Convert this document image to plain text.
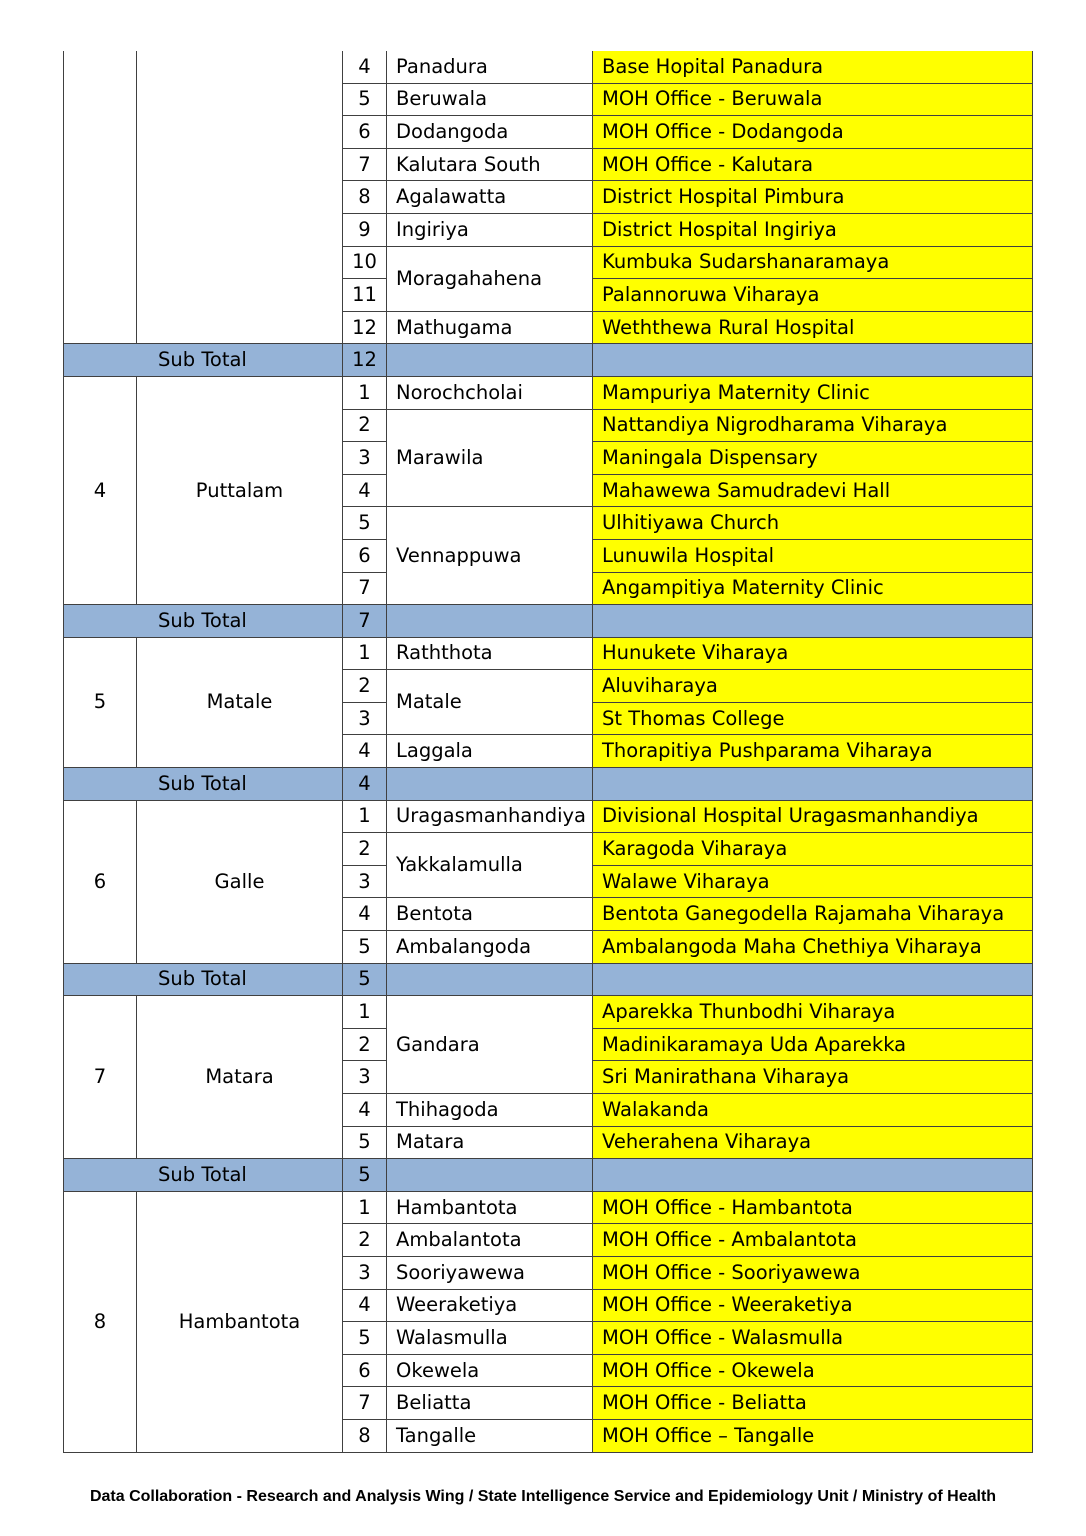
		4	Panadura	Base Hopital Panadura
		5	Beruwala	MOH Office - Beruwala
		6	Dodangoda	MOH Office - Dodangoda
		7	Kalutara South	MOH Office - Kalutara
		8	Agalawatta	District Hospital Pimbura
		9	Ingiriya	District Hospital Ingiriya
		10	Moragahahena	Kumbuka Sudarshanaramaya
		11		Palannoruwa Viharaya
		12	Mathugama	Weththewa Rural Hospital
Sub Total		12		
4	Puttalam	1	Norochcholai	Mampuriya Maternity Clinic
		2	Marawila	Nattandiya Nigrodharama Viharaya
		3		Maningala Dispensary
		4		Mahawewa Samudradevi Hall
		5	Vennappuwa	Ulhitiyawa Church
		6		Lunuwila Hospital
		7		Angampitiya Maternity Clinic
Sub Total		7		
5	Matale	1	Raththota	Hunukete Viharaya
		2	Matale	Aluviharaya
		3		St Thomas College
		4	Laggala	Thorapitiya Pushparama Viharaya
Sub Total		4		
6	Galle	1	Uragasmanhandiya	Divisional Hospital Uragasmanhandiya
		2	Yakkalamulla	Karagoda Viharaya
		3		Walawe Viharaya
		4	Bentota	Bentota Ganegodella Rajamaha Viharaya
		5	Ambalangoda	Ambalangoda Maha Chethiya Viharaya
Sub Total		5		
7	Matara	1	Gandara	Aparekka Thunbodhi Viharaya
		2		Madinikaramaya Uda Aparekka
		3		Sri Manirathana Viharaya
		4	Thihagoda	Walakanda
		5	Matara	Veherahena Viharaya
Sub Total		5		
8	Hambantota	1	Hambantota	MOH Office - Hambantota
		2	Ambalantota	MOH Office - Ambalantota
		3	Sooriyawewa	MOH Office - Sooriyawewa
		4	Weeraketiya	MOH Office - Weeraketiya
		5	Walasmulla	MOH Office - Walasmulla
		6	Okewela	MOH Office - Okewela
		7	Beliatta	MOH Office - Beliatta
		8	Tangalle	MOH Office – Tangalle
Data Collaboration - Research and Analysis Wing / State Intelligence Service and Epidemiology Unit / Ministry of Health
